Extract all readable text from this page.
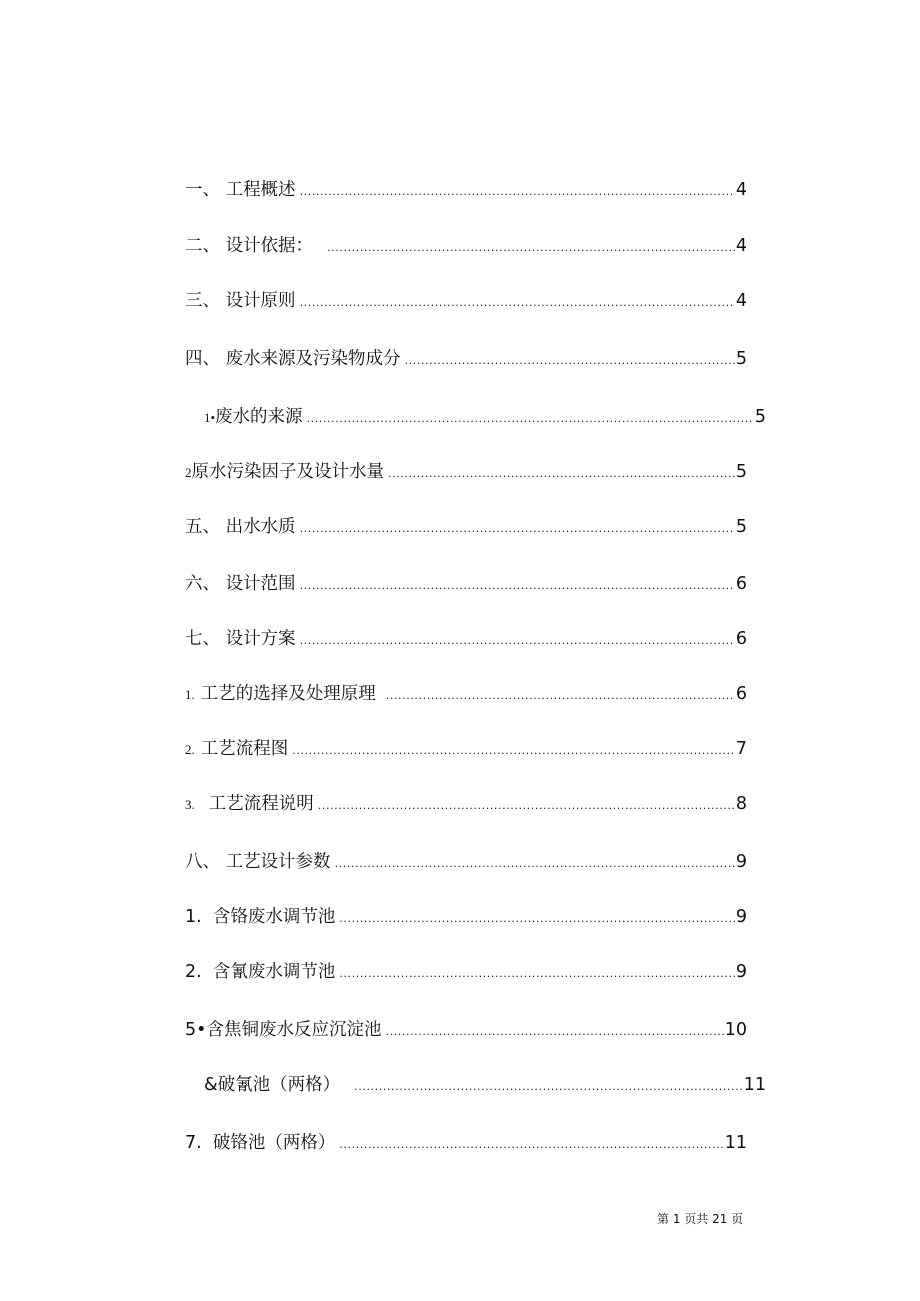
一、 工程概述 .....	4
二、 设计依据： .....	4
三、 设计原则 .....	4
四、 废水来源及污染物成分 .....	5
1•废水的来源 .....	5
2原水污染因子及设计水量 .....	5
五、 出水水质 .....	5
六、 设计范围 .....	6
七、 设计方案 .....	6
1. 工艺的选择及处理原理 .....	6
2. 工艺流程图 .....	7
3. 工艺流程说明 .....	8
八、 工艺设计参数 .....	9
1.  含铬废水调节池 .....	9
2.  含氰废水调节池 .....	9
5•含焦铜废水反应沉淀池 .....	10
&破氰池（两格） .....	11
7.  破铬池（两格） .....	11
第 1 页共 21 页
